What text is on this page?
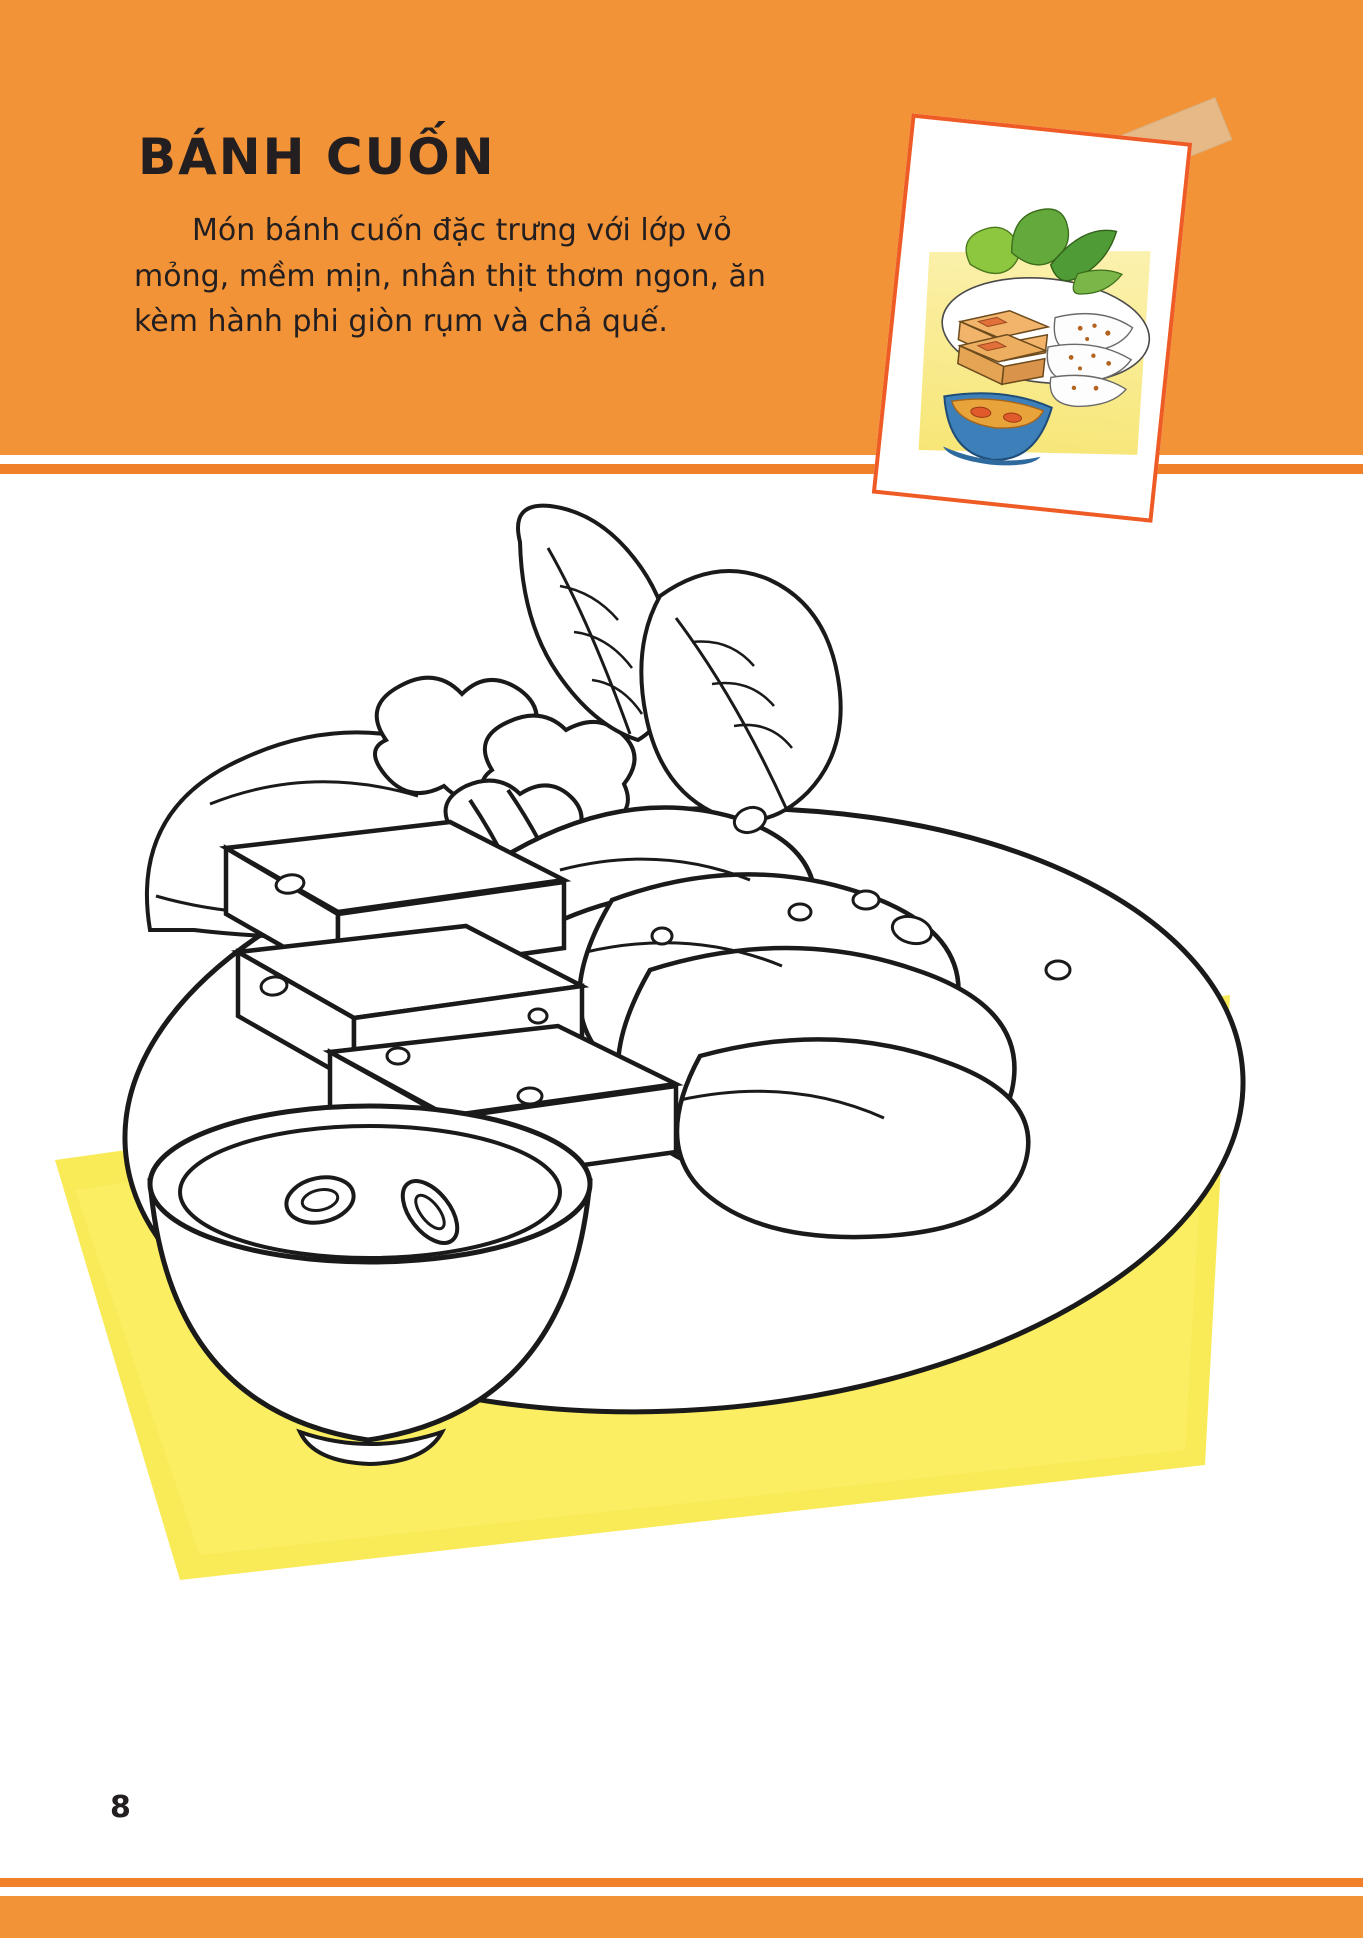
BÁNH CUỐN
Món bánh cuốn đặc trưng với lớp vỏ mỏng, mềm mịn, nhân thịt thơm ngon, ăn kèm hành phi giòn rụm và chả quế.
8
